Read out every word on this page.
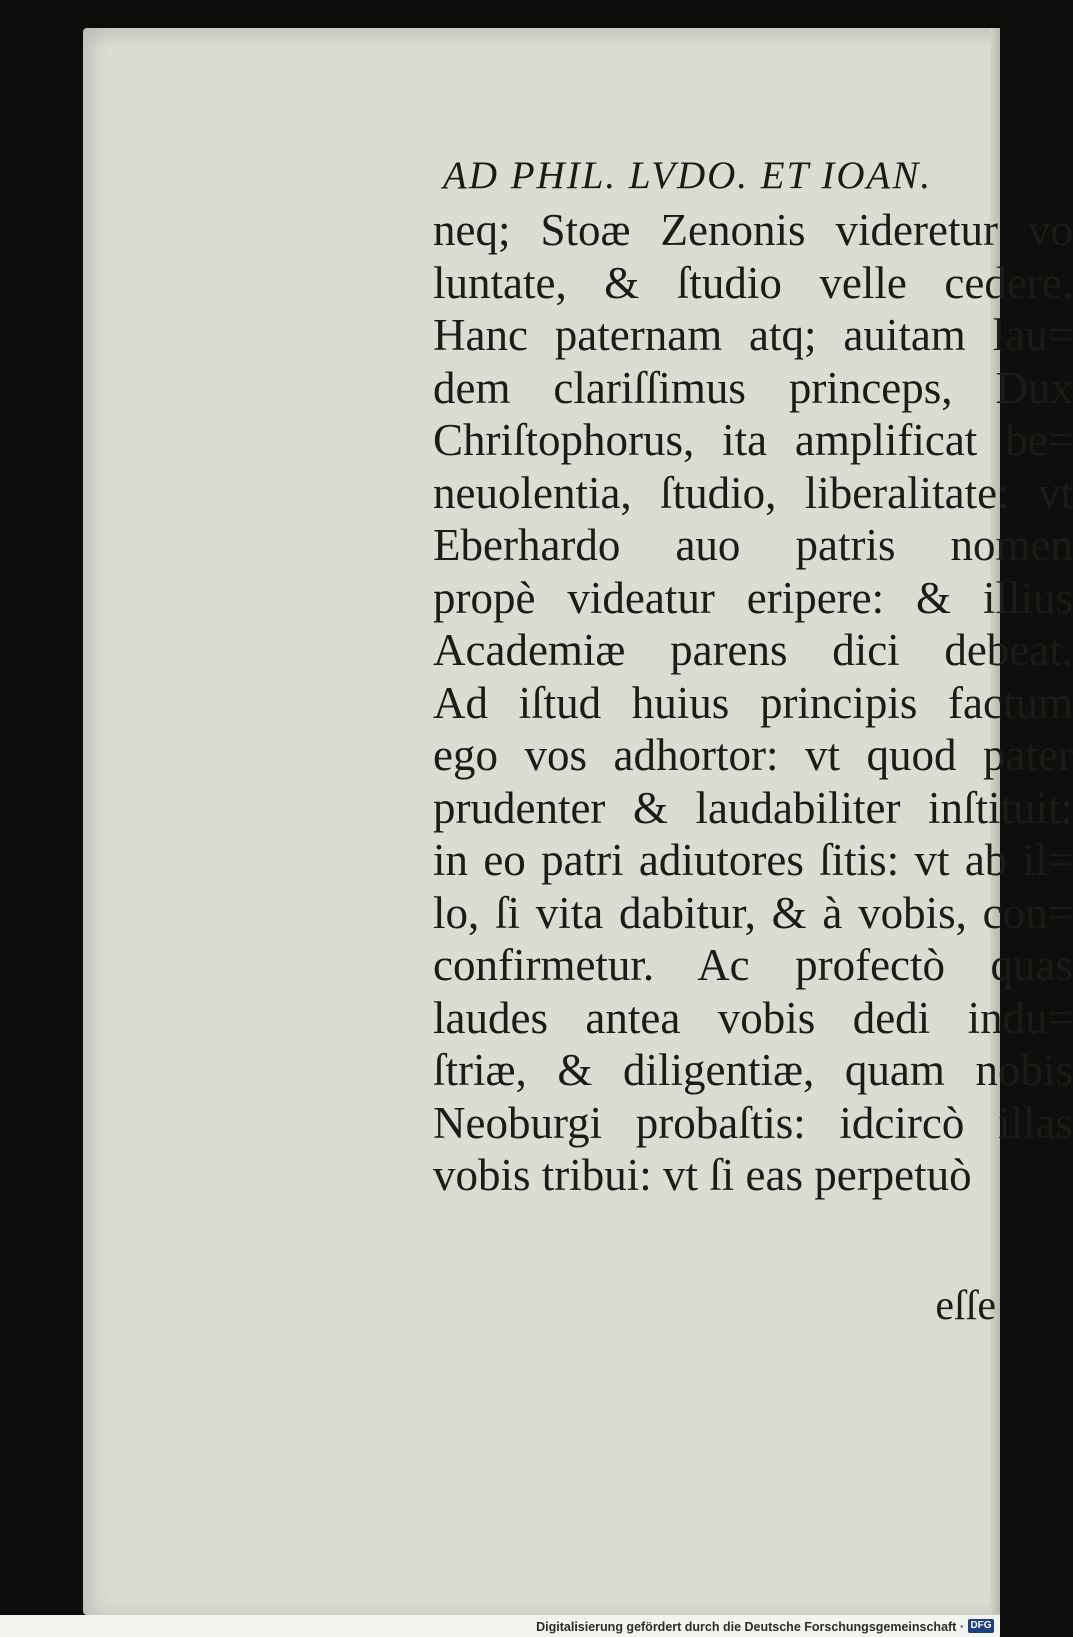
AD PHIL. LVDO. ET IOAN.
neq; Stoæ Zenonis videretur vo
luntate, & ſtudio velle cedere.
Hanc paternam atq; auitam lau=
dem clariſſimus princeps, Dux
Chriſtophorus, ita amplificat be=
neuolentia, ſtudio, liberalitate: vt
Eberhardo auo patris nomen
propè videatur eripere: & illius
Academiæ parens dici debeat.
Ad iſtud huius principis factum
ego vos adhortor: vt quod pater
prudenter & laudabiliter inſtituit:
in eo patri adiutores ſitis: vt ab il=
lo, ſi vita dabitur, & à vobis, con=
confirmetur. Ac profectò quas
laudes antea vobis dedi indu=
ſtriæ, & diligentiæ, quam nobis
Neoburgi probaſtis: idcircò illas
vobis tribui: vt ſi eas perpetuò
eſſe
Digitalisierung gefördert durch die Deutsche Forschungsgemeinschaft · DFG
